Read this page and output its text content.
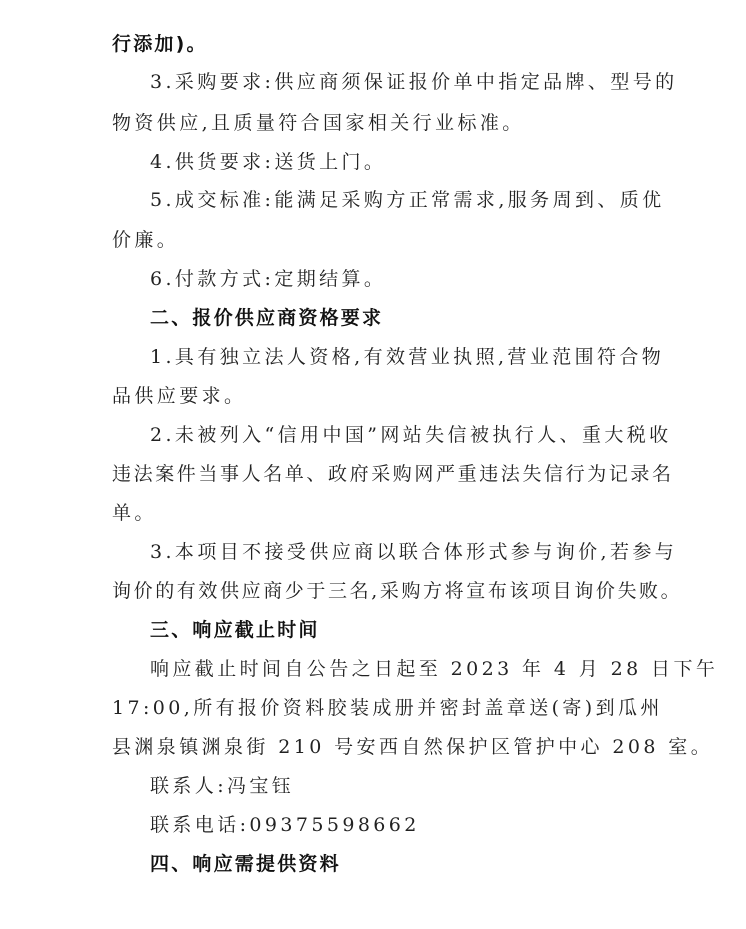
行添加)。
3.采购要求:供应商须保证报价单中指定品牌、型号的
物资供应,且质量符合国家相关行业标准。
4.供货要求:送货上门。
5.成交标准:能满足采购方正常需求,服务周到、质优
价廉。
6.付款方式:定期结算。
二、报价供应商资格要求
1.具有独立法人资格,有效营业执照,营业范围符合物
品供应要求。
2.未被列入“信用中国”网站失信被执行人、重大税收
违法案件当事人名单、政府采购网严重违法失信行为记录名
单。
3.本项目不接受供应商以联合体形式参与询价,若参与
询价的有效供应商少于三名,采购方将宣布该项目询价失败。
三、响应截止时间
响应截止时间自公告之日起至 2023 年 4 月 28 日下午
17:00,所有报价资料胶装成册并密封盖章送(寄)到瓜州
县渊泉镇渊泉街 210 号安西自然保护区管护中心 208 室。
联系人:冯宝钰
联系电话:09375598662
四、响应需提供资料
